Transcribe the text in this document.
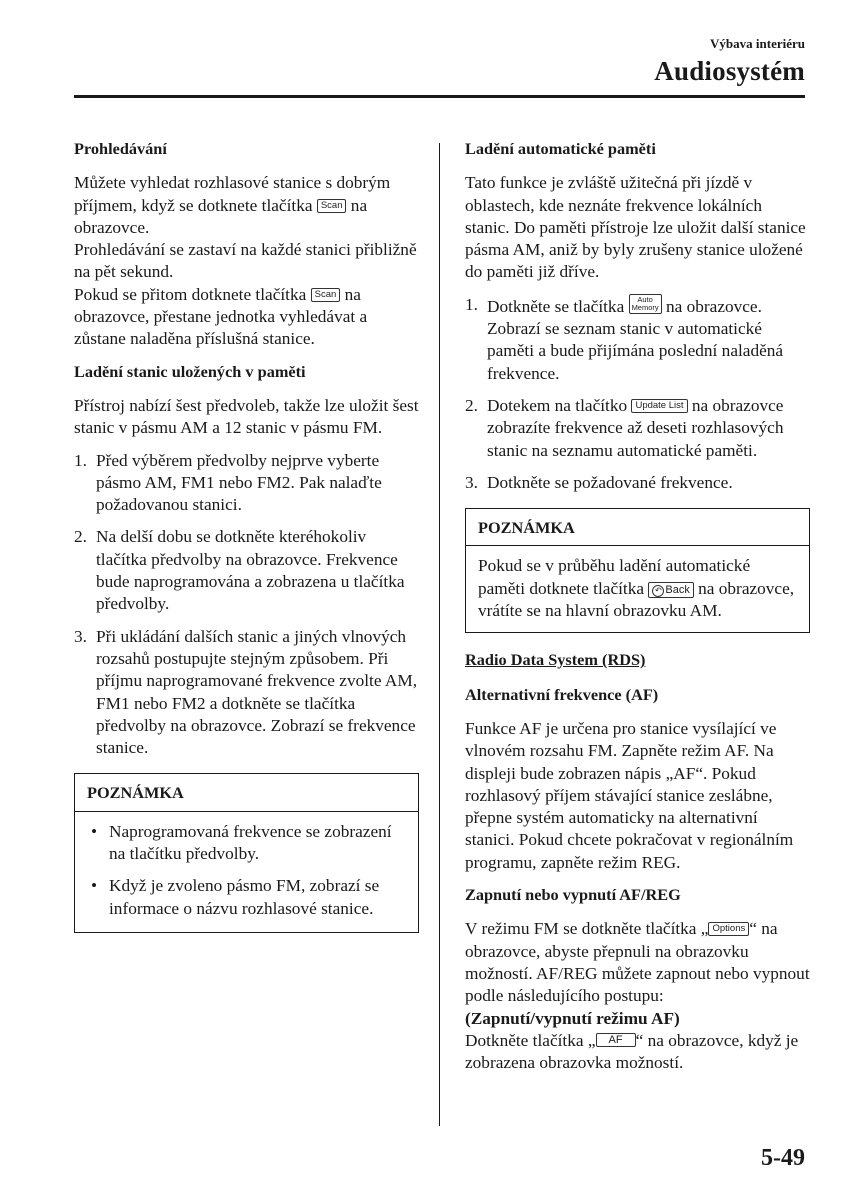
Výbava interiéru
Audiosystém
Prohledávání
Můžete vyhledat rozhlasové stanice s dobrým příjmem, když se dotknete tlačítka Scan na obrazovce.
Prohledávání se zastaví na každé stanici přibližně na pět sekund.
Pokud se přitom dotknete tlačítka Scan na obrazovce, přestane jednotka vyhledávat a zůstane naladěna příslušná stanice.
Ladění stanic uložených v paměti
Přístroj nabízí šest předvoleb, takže lze uložit šest stanic v pásmu AM a 12 stanic v pásmu FM.
1. Před výběrem předvolby nejprve vyberte pásmo AM, FM1 nebo FM2. Pak nalaďte požadovanou stanici.
2. Na delší dobu se dotkněte kteréhokoliv tlačítka předvolby na obrazovce. Frekvence bude naprogramována a zobrazena u tlačítka předvolby.
3. Při ukládání dalších stanic a jiných vlnových rozsahů postupujte stejným způsobem. Při příjmu naprogramované frekvence zvolte AM, FM1 nebo FM2 a dotkněte se tlačítka předvolby na obrazovce. Zobrazí se frekvence stanice.
POZNÁMKA
• Naprogramovaná frekvence se zobrazení na tlačítku předvolby.
• Když je zvoleno pásmo FM, zobrazí se informace o názvu rozhlasové stanice.
Ladění automatické paměti
Tato funkce je zvláště užitečná při jízdě v oblastech, kde neznáte frekvence lokálních stanic. Do paměti přístroje lze uložit další stanice pásma AM, aniž by byly zrušeny stanice uložené do paměti již dříve.
1. Dotkněte se tlačítka Auto
Memory na obrazovce. Zobrazí se seznam stanic v automatické paměti a bude přijímána poslední naladěná frekvence.
2. Dotekem na tlačítko Update List na obrazovce zobrazíte frekvence až deseti rozhlasových stanic na seznamu automatické paměti.
3. Dotkněte se požadované frekvence.
POZNÁMKA
Pokud se v průběhu ladění automatické paměti dotknete tlačítka ↶ Back na obrazovce, vrátíte se na hlavní obrazovku AM.
Radio Data System (RDS)
Alternativní frekvence (AF)
Funkce AF je určena pro stanice vysílající ve vlnovém rozsahu FM. Zapněte režim AF. Na displeji bude zobrazen nápis „AF“. Pokud rozhlasový příjem stávající stanice zeslábne, přepne systém automaticky na alternativní stanici. Pokud chcete pokračovat v regionálním programu, zapněte režim REG.
Zapnutí nebo vypnutí AF/REG
V režimu FM se dotkněte tlačítka „ Options “ na obrazovce, abyste přepnuli na obrazovku možností. AF/REG můžete zapnout nebo vypnout podle následujícího postupu:
(Zapnutí/vypnutí režimu AF)
Dotkněte tlačítka „ AF “ na obrazovce, když je zobrazena obrazovka možností.
5-49
